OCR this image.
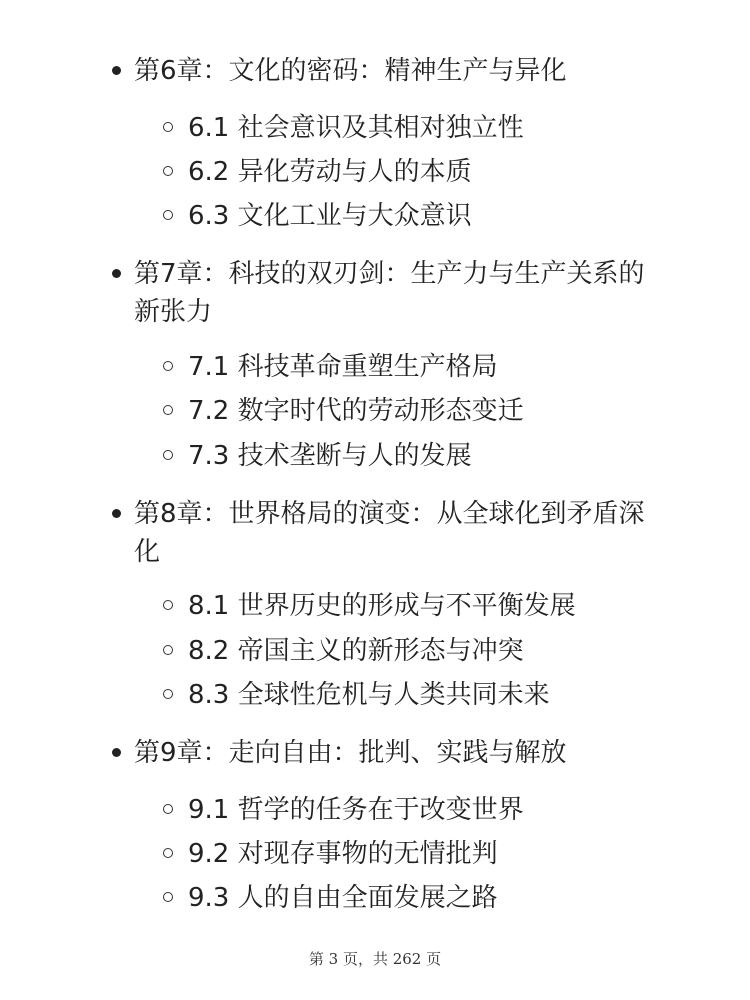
第6章：文化的密码：精神生产与异化
6.1 社会意识及其相对独立性
6.2 异化劳动与人的本质
6.3 文化工业与大众意识
第7章：科技的双刃剑：生产力与生产关系的
新张力
7.1 科技革命重塑生产格局
7.2 数字时代的劳动形态变迁
7.3 技术垄断与人的发展
第8章：世界格局的演变：从全球化到矛盾深
化
8.1 世界历史的形成与不平衡发展
8.2 帝国主义的新形态与冲突
8.3 全球性危机与人类共同未来
第9章：走向自由：批判、实践与解放
9.1 哲学的任务在于改变世界
9.2 对现存事物的无情批判
9.3 人的自由全面发展之路
第 3 页，共 262 页
